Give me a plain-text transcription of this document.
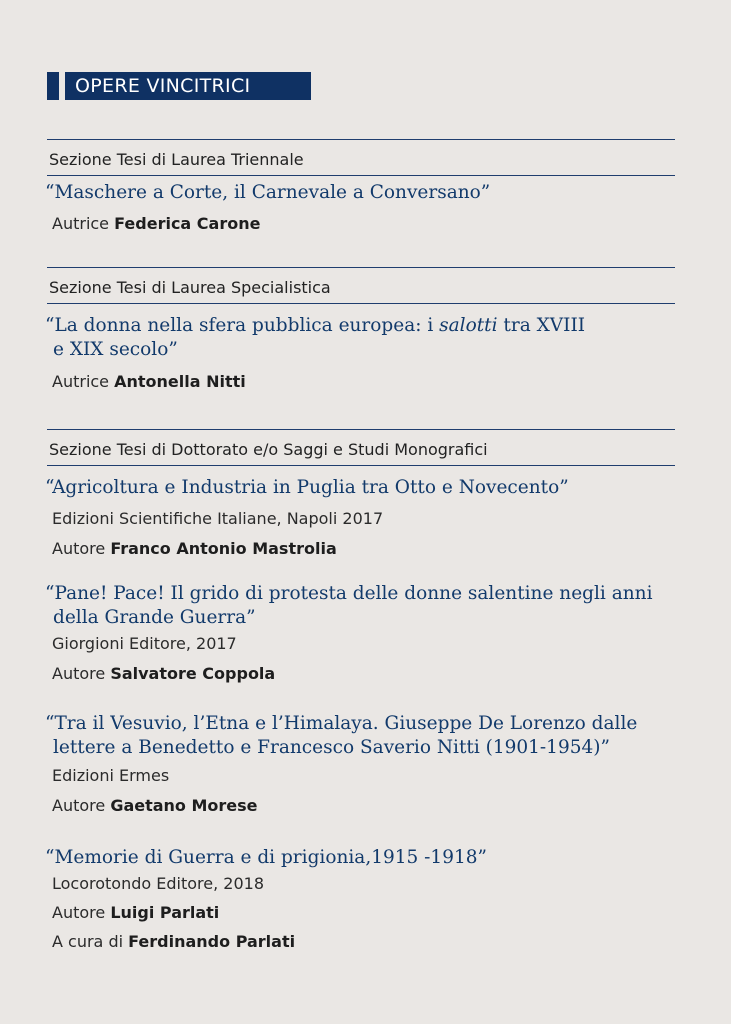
OPERE VINCITRICI
Sezione Tesi di Laurea Triennale
“Maschere a Corte, il Carnevale a Conversano”
Autrice Federica Carone
Sezione Tesi di Laurea Specialistica
“La donna nella sfera pubblica europea: i salotti tra XVIII
e XIX secolo”
Autrice Antonella Nitti
Sezione Tesi di Dottorato e/o Saggi e Studi Monografici
“Agricoltura e Industria in Puglia tra Otto e Novecento”
Edizioni Scientifiche Italiane, Napoli 2017
Autore Franco Antonio Mastrolia
“Pane! Pace! Il grido di protesta delle donne salentine negli anni
della Grande Guerra”
Giorgioni Editore, 2017
Autore Salvatore Coppola
“Tra il Vesuvio, l’Etna e l’Himalaya. Giuseppe De Lorenzo dalle
lettere a Benedetto e Francesco Saverio Nitti (1901-1954)”
Edizioni Ermes
Autore Gaetano Morese
“Memorie di Guerra e di prigionia,1915 -1918”
Locorotondo Editore, 2018
Autore Luigi Parlati
A cura di Ferdinando Parlati
